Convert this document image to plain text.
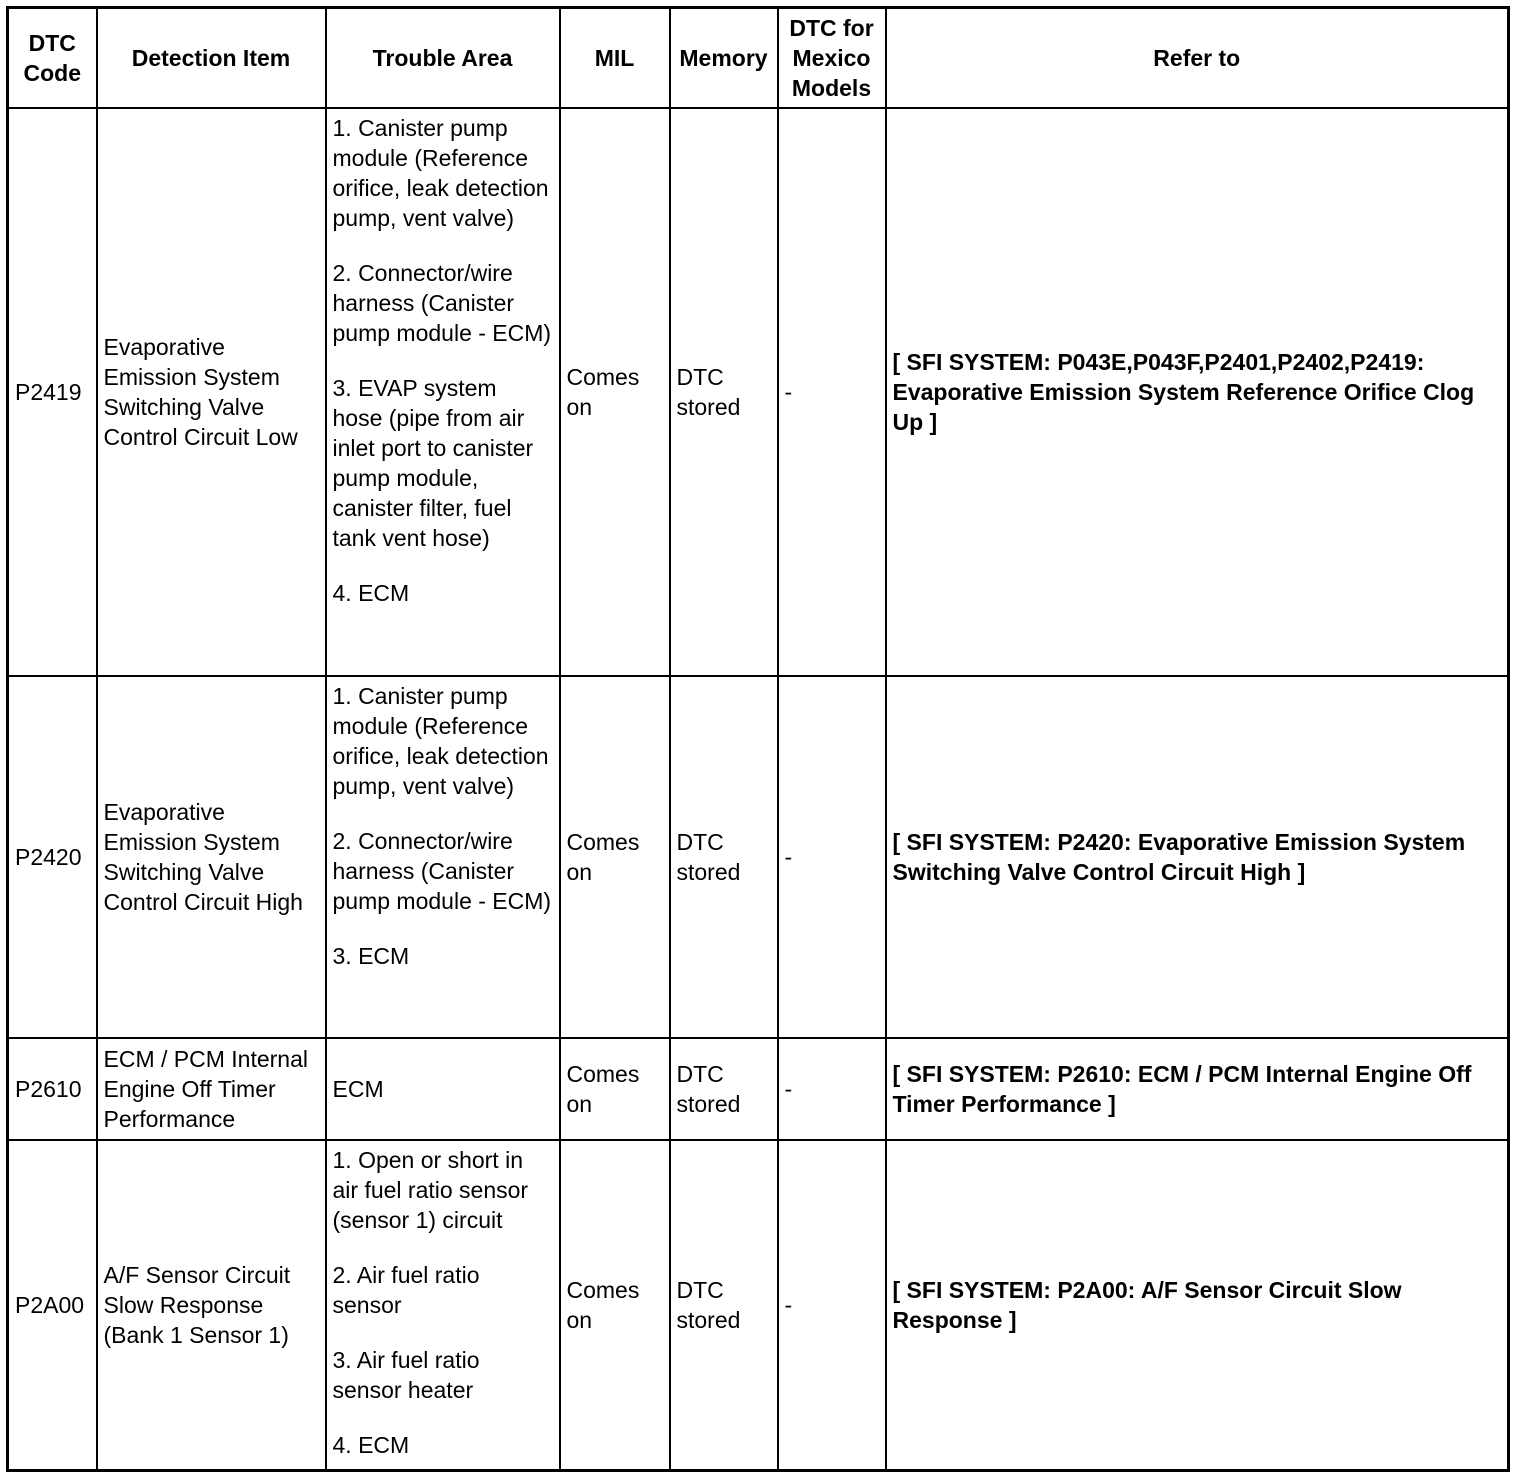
DTC Code	Detection Item	Trouble Area	MIL	Memory	DTC for Mexico Models	Refer to
P2419	Evaporative Emission System Switching Valve Control Circuit Low	1. Canister pump module (Reference orifice, leak detection pump, vent valve)

2. Connector/wire harness (Canister pump module - ECM)

3. EVAP system hose (pipe from air inlet port to canister pump module, canister filter, fuel tank vent hose)

4. ECM	Comes on	DTC stored	-	[ SFI SYSTEM: P043E,P043F,P2401,P2402,P2419: Evaporative Emission System Reference Orifice Clog Up ]
P2420	Evaporative Emission System Switching Valve Control Circuit High	1. Canister pump module (Reference orifice, leak detection pump, vent valve)

2. Connector/wire harness (Canister pump module - ECM)

3. ECM	Comes on	DTC stored	-	[ SFI SYSTEM: P2420: Evaporative Emission System Switching Valve Control Circuit High ]
P2610	ECM / PCM Internal Engine Off Timer Performance	ECM	Comes on	DTC stored	-	[ SFI SYSTEM: P2610: ECM / PCM Internal Engine Off Timer Performance ]
P2A00	A/F Sensor Circuit Slow Response (Bank 1 Sensor 1)	1. Open or short in air fuel ratio sensor (sensor 1) circuit

2. Air fuel ratio sensor

3. Air fuel ratio sensor heater

4. ECM	Comes on	DTC stored	-	[ SFI SYSTEM: P2A00: A/F Sensor Circuit Slow Response ]
